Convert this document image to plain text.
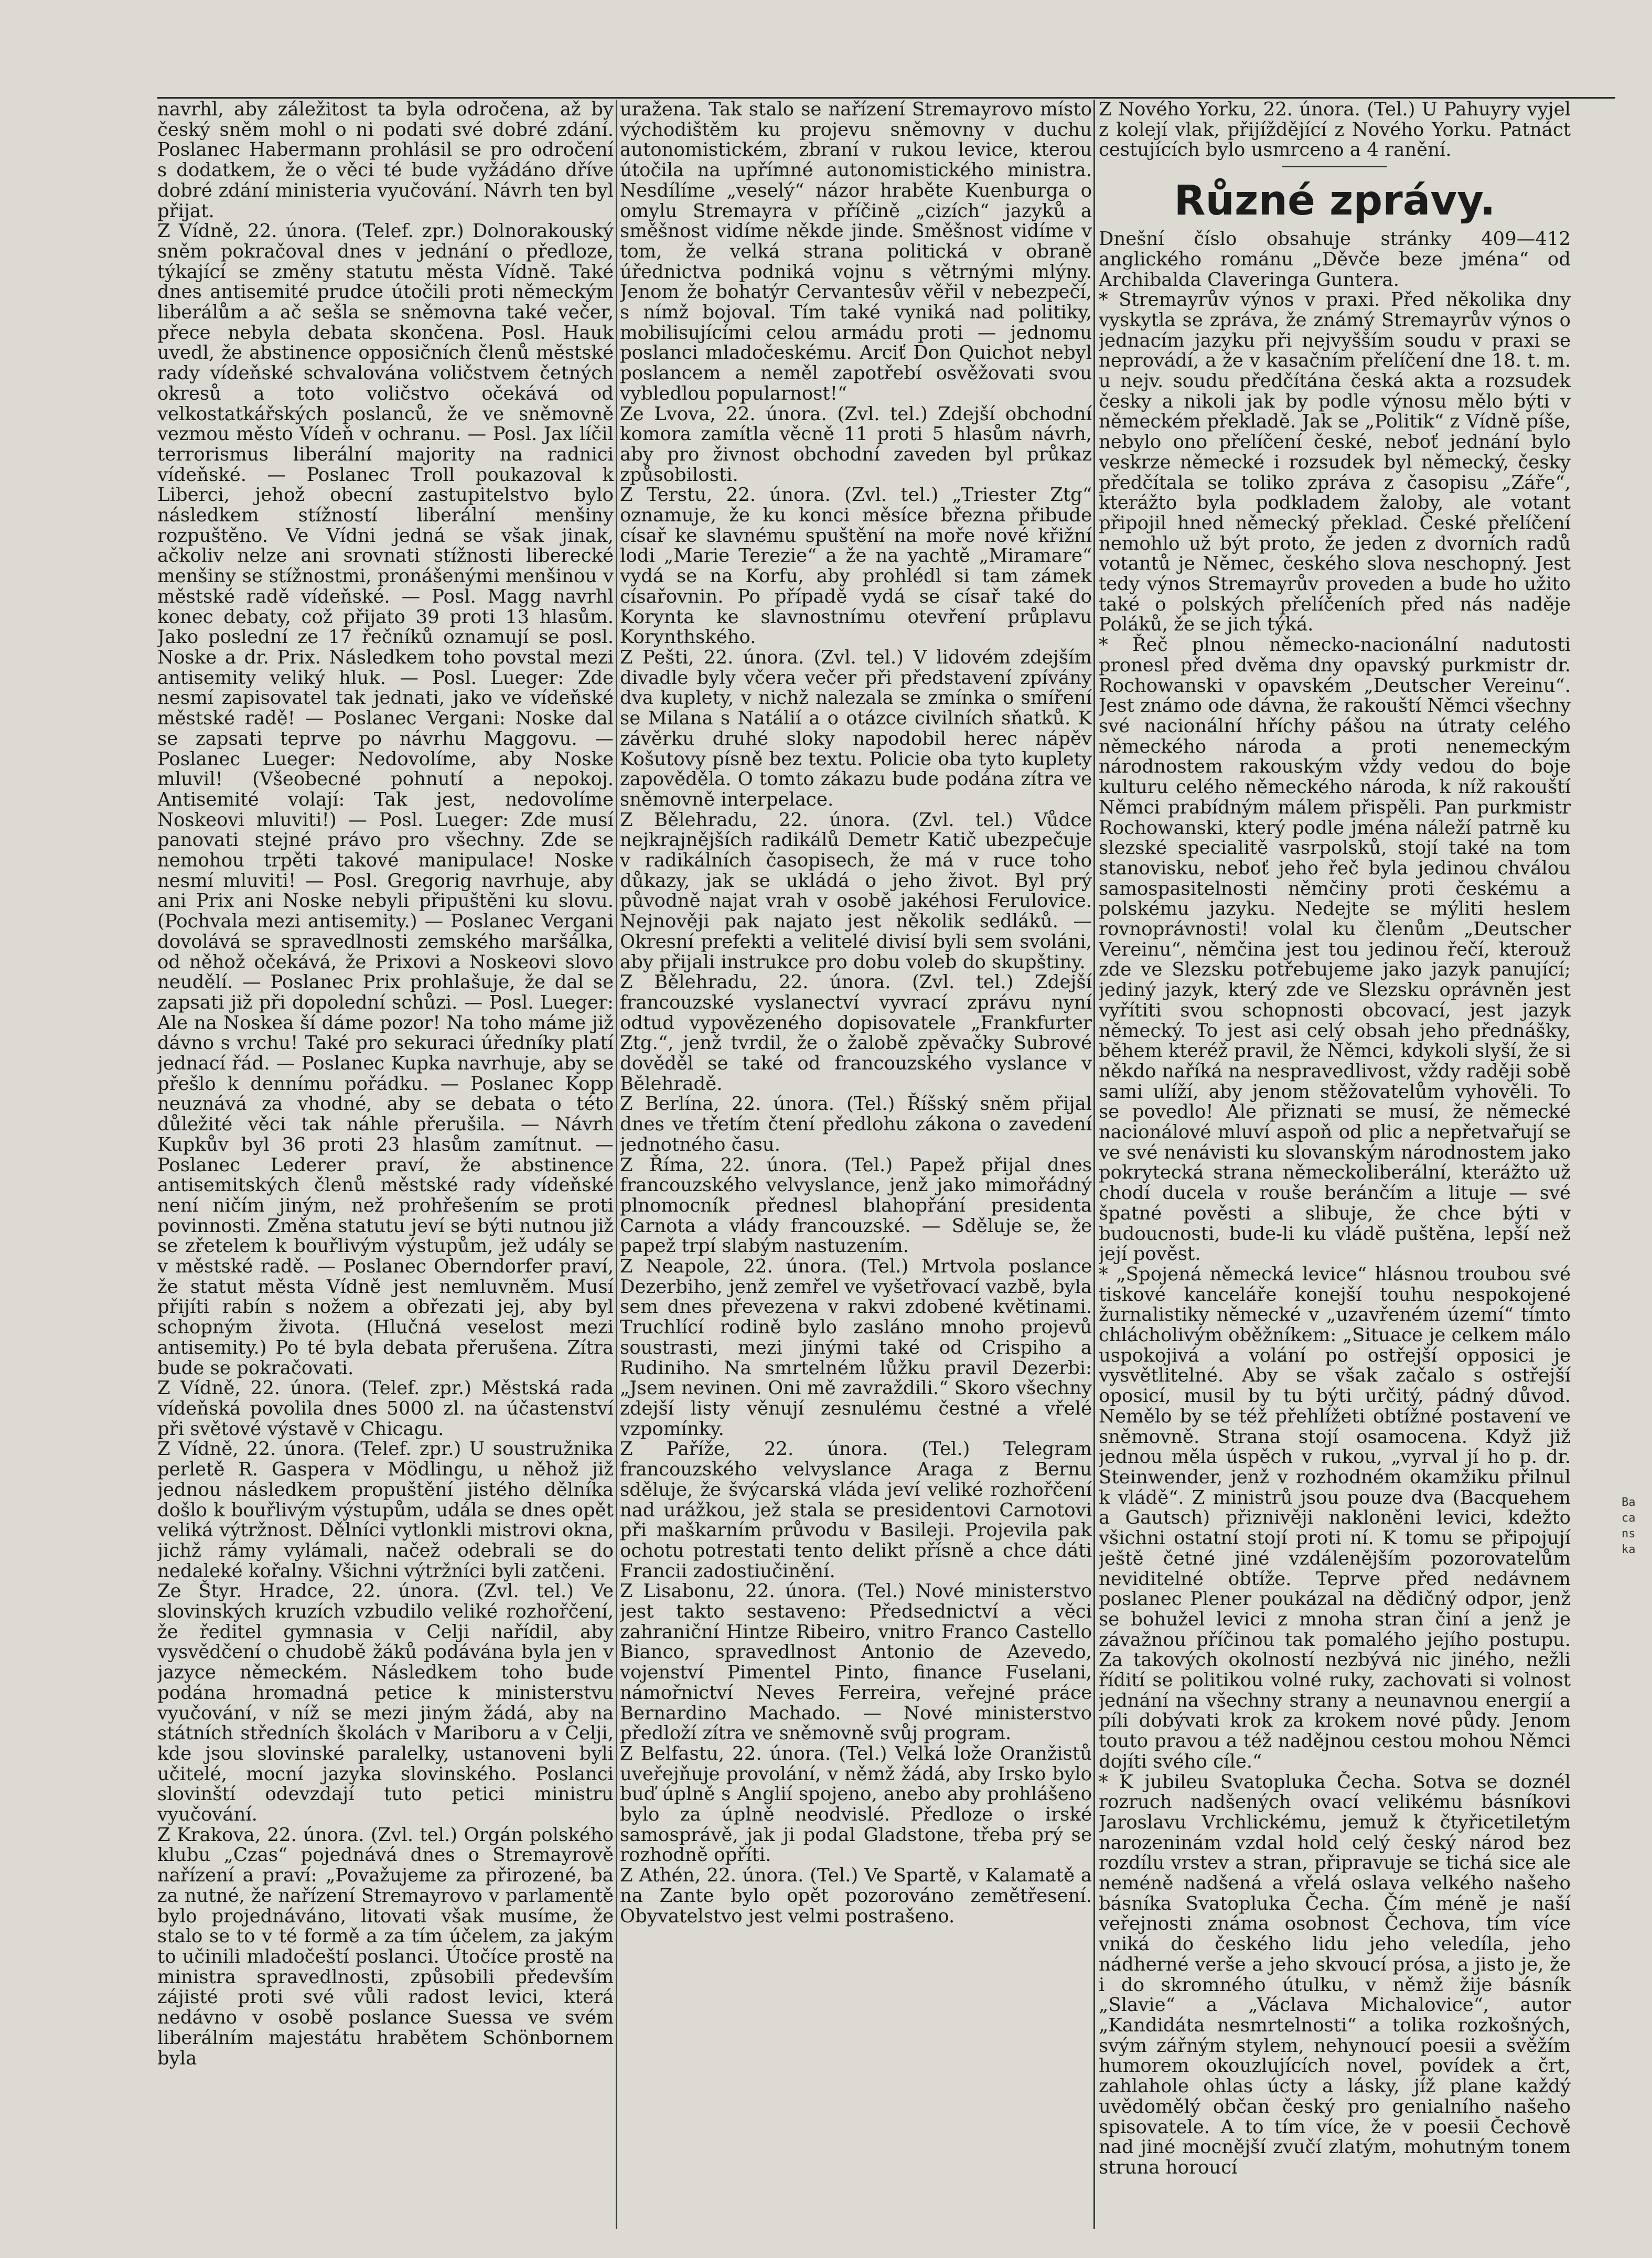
navrhl, aby záležitost ta byla odročena, až by český sněm mohl o ni podati své dobré zdání. Poslanec Habermann prohlásil se pro odročení s dodatkem, že o věci té bude vyžádáno dříve dobré zdání ministeria vyučování. Návrh ten byl přijat.

Z Vídně, 22. února. (Telef. zpr.) Dolnorakouský sněm pokračoval dnes v jednání o předloze, týkající se změny statutu města Vídně. Také dnes antisemité prudce útočili proti německým liberálům a ač sešla se sněmovna také večer, přece nebyla debata skončena. Posl. Hauk uvedl, že abstinence opposičních členů městské rady vídeňské schvalována voličstvem četných okresů a toto voličstvo očekává od velkostatkářských poslanců, že ve sněmovně vezmou město Vídeň v ochranu. — Posl. Jax líčil terrorismus liberální majority na radnici vídeňské. — Poslanec Troll poukazoval k Liberci, jehož obecní zastupitelstvo bylo následkem stížností liberální menšiny rozpuštěno. Ve Vídni jedná se však jinak, ačkoliv nelze ani srovnati stížnosti liberecké menšiny se stížnostmi, pronášenými menšinou v městské radě vídeňské. — Posl. Magg navrhl konec debaty, což přijato 39 proti 13 hlasům. Jako poslední ze 17 řečníků oznamují se posl. Noske a dr. Prix. Následkem toho povstal mezi antisemity veliký hluk. — Posl. Lueger: Zde nesmí zapisovatel tak jednati, jako ve vídeňské městské radě! — Poslanec Vergani: Noske dal se zapsati teprve po návrhu Maggovu. — Poslanec Lueger: Nedovolíme, aby Noske mluvil! (Všeobecné pohnutí a nepokoj. Antisemité volají: Tak jest, nedovolíme Noskeovi mluviti!) — Posl. Lueger: Zde musí panovati stejné právo pro všechny. Zde se nemohou trpěti takové manipulace! Noske nesmí mluviti! — Posl. Gregorig navrhuje, aby ani Prix ani Noske nebyli připuštěni ku slovu. (Pochvala mezi antisemity.) — Poslanec Vergani dovolává se spravedlnosti zemského maršálka, od něhož očekává, že Prixovi a Noskeovi slovo neudělí. — Poslanec Prix prohlašuje, že dal se zapsati již při dopolední schůzi. — Posl. Lueger: Ale na Noskea ší dáme pozor! Na toho máme již dávno s vrchu! Také pro sekuraci úředníky platí jednací řád. — Poslanec Kupka navrhuje, aby se přešlo k dennímu pořádku. — Poslanec Kopp neuznává za vhodné, aby se debata o této důležité věci tak náhle přerušila. — Návrh Kupkův byl 36 proti 23 hlasům zamítnut. — Poslanec Lederer praví, že abstinence antisemitských členů městské rady vídeňské není ničím jiným, než prohřešením se proti povinnosti. Změna statutu jeví se býti nutnou již se zřetelem k bouřlivým výstupům, jež udály se v městské radě. — Poslanec Oberndorfer praví, že statut města Vídně jest nemluvněm. Musí přijíti rabín s nožem a obřezati jej, aby byl schopným života. (Hlučná veselost mezi antisemity.) Po té byla debata přerušena. Zítra bude se pokračovati.

Z Vídně, 22. února. (Telef. zpr.) Městská rada vídeňská povolila dnes 5000 zl. na účastenství při světové výstavě v Chicagu.

Z Vídně, 22. února. (Telef. zpr.) U soustružnika perletě R. Gaspera v Mödlingu, u něhož již jednou následkem propuštění jistého dělníka došlo k bouřlivým výstupům, udála se dnes opět veliká výtržnost. Dělníci vytlonkli mistrovi okna, jichž rámy vylámali, načež odebrali se do nedaleké kořalny. Všichni výtržníci byli zatčeni.

Ze Štyr. Hradce, 22. února. (Zvl. tel.) Ve slovinských kruzích vzbudilo veliké rozhořčení, že ředitel gymnasia v Celji nařídil, aby vysvědčení o chudobě žáků podávána byla jen v jazyce německém. Následkem toho bude podána hromadná petice k ministerstvu vyučování, v níž se mezi jiným žádá, aby na státních středních školách v Mariboru a v Celji, kde jsou slovinské paralelky, ustanoveni byli učitelé, mocní jazyka slovinského. Poslanci slovinští odevzdají tuto petici ministru vyučování.

Z Krakova, 22. února. (Zvl. tel.) Orgán polského klubu „Czas“ pojednává dnes o Stremayrově nařízení a praví: „Považujeme za přirozené, ba za nutné, že nařízení Stremayrovo v parlamentě bylo projednáváno, litovati však musíme, že stalo se to v té formě a za tím účelem, za jakým to učinili mladočeští poslanci. Útočíce prostě na ministra spravedlnosti, způsobili především zájisté proti své vůli radost levici, která nedávno v osobě poslance Suessa ve svém liberálním majestátu hrabětem Schönbornem byla

uražena. Tak stalo se nařízení Stremayrovo místo východištěm ku projevu sněmovny v duchu autonomistickém, zbraní v rukou levice, kterou útočila na upřímné autonomistického ministra. Nesdílíme „veselý“ názor hraběte Kuenburga o omylu Stremayra v příčině „cizích“ jazyků a směšnost vidíme někde jinde. Směšnost vidíme v tom, že velká strana politická v obraně úřednictva podniká vojnu s větrnými mlýny. Jenom že bohatýr Cervantesův věřil v nebezpečí, s nímž bojoval. Tím také vyniká nad politiky, mobilisujícími celou armádu proti — jednomu poslanci mladočeskému. Arciť Don Quichot nebyl poslancem a neměl zapotřebí osvěžovati svou vybledlou popularnost!“

Ze Lvova, 22. února. (Zvl. tel.) Zdejší obchodní komora zamítla věcně 11 proti 5 hlasům návrh, aby pro živnost obchodní zaveden byl průkaz způsobilosti.

Z Terstu, 22. února. (Zvl. tel.) „Triester Ztg“ oznamuje, že ku konci měsíce března přibude císař ke slavnému spuštění na moře nové křižní lodi „Marie Terezie“ a že na yachtě „Miramare“ vydá se na Korfu, aby prohlédl si tam zámek císařovnin. Po případě vydá se císař také do Korynta ke slavnostnímu otevření průplavu Korynthského.

Z Pešti, 22. února. (Zvl. tel.) V lidovém zdejším divadle byly včera večer při představení zpívány dva kuplety, v nichž nalezala se zmínka o smíření se Milana s Natálií a o otázce civilních sňatků. K závěrku druhé sloky napodobil herec nápěv Košutovy písně bez textu. Policie oba tyto kuplety zapověděla. O tomto zákazu bude podána zítra ve sněmovně interpelace.

Z Bělehradu, 22. února. (Zvl. tel.) Vůdce nejkrajnějších radikálů Demetr Katič ubezpečuje v radikálních časopisech, že má v ruce toho důkazy, jak se ukládá o jeho život. Byl prý původně najat vrah v osobě jakéhosi Ferulovice. Nejnověji pak najato jest několik sedláků. — Okresní prefekti a velitelé divisí byli sem svoláni, aby přijali instrukce pro dobu voleb do skupštiny.

Z Bělehradu, 22. února. (Zvl. tel.) Zdejší francouzské vyslanectví vyvrací zprávu nyní odtud vypovězeného dopisovatele „Frankfurter Ztg.“, jenž tvrdil, že o žalobě zpěvačky Subrové dověděl se také od francouzského vyslance v Bělehradě.

Z Berlína, 22. února. (Tel.) Říšský sněm přijal dnes ve třetím čtení předlohu zákona o zavedení jednotného času.

Z Říma, 22. února. (Tel.) Papež přijal dnes francouzského velvyslance, jenž jako mimořádný plnomocník přednesl blahopřání presidenta Carnota a vlády francouzské. — Sděluje se, že papež trpí slabým nastuzením.

Z Neapole, 22. února. (Tel.) Mrtvola poslance Dezerbiho, jenž zemřel ve vyšetřovací vazbě, byla sem dnes převezena v rakvi zdobené květinami. Truchlící rodině bylo zasláno mnoho projevů soustrasti, mezi jinými také od Crispiho a Rudiniho. Na smrtelném lůžku pravil Dezerbi: „Jsem nevinen. Oni mě zavraždili.“ Skoro všechny zdejší listy věnují zesnulému čestné a vřelé vzpomínky.

Z Paříže, 22. února. (Tel.) Telegram francouzského velvyslance Araga z Bernu sděluje, že švýcarská vláda jeví veliké rozhořčení nad urážkou, jež stala se presidentovi Carnotovi při maškarním průvodu v Basileji. Projevila pak ochotu potrestati tento delikt přísně a chce dáti Francii zadostiučinění.

Z Lisabonu, 22. února. (Tel.) Nové ministerstvo jest takto sestaveno: Předsednictví a věci zahraniční Hintze Ribeiro, vnitro Franco Castello Bianco, spravedlnost Antonio de Azevedo, vojenství Pimentel Pinto, finance Fuselani, námořnictví Neves Ferreira, veřejné práce Bernardino Machado. — Nové ministerstvo předloží zítra ve sněmovně svůj program.

Z Belfastu, 22. února. (Tel.) Velká lože Oranžistů uveřejňuje provolání, v němž žádá, aby Irsko bylo buď úplně s Anglií spojeno, anebo aby prohlášeno bylo za úplně neodvislé. Předloze o irské samosprávě, jak ji podal Gladstone, třeba prý se rozhodně opříti.

Z Athén, 22. února. (Tel.) Ve Spartě, v Kalamatě a na Zante bylo opět pozorováno zemětřesení. Obyvatelstvo jest velmi postrašeno.

Z Nového Yorku, 22. února. (Tel.) U Pahuyry vyjel z kolejí vlak, přijíždějící z Nového Yorku. Patnáct cestujících bylo usmrceno a 4 ranění.

Různé zprávy.

Dnešní číslo obsahuje stránky 409—412 anglického románu „Děvče beze jména“ od Archibalda Claveringa Guntera.

* Stremayrův výnos v praxi. Před několika dny vyskytla se zpráva, že známý Stremayrův výnos o jednacím jazyku při nejvyšším soudu v praxi se neprovádí, a že v kasačním přelíčení dne 18. t. m. u nejv. soudu předčítána česká akta a rozsudek česky a nikoli jak by podle výnosu mělo býti v německém překladě. Jak se „Politik“ z Vídně píše, nebylo ono přelíčení české, neboť jednání bylo veskrze německé i rozsudek byl německý, česky předčítala se toliko zpráva z časopisu „Záře“, kterážto byla podkladem žaloby, ale votant připojil hned německý překlad. České přelíčení nemohlo už být proto, že jeden z dvorních radů votantů je Němec, českého slova neschopný. Jest tedy výnos Stremayrův proveden a bude ho užito také o polských přelíčeních před nás naděje Poláků, že se jich týká.

* Řeč plnou německo-nacionální nadutosti pronesl před dvěma dny opavský purkmistr dr. Rochowanski v opavském „Deutscher Vereinu“. Jest známo ode dávna, že rakouští Němci všechny své nacionální hříchy pášou na útraty celého německého národa a proti nenemeckým národnostem rakouským vždy vedou do boje kulturu celého německého národa, k níž rakouští Němci prabídným málem přispěli. Pan purkmistr Rochowanski, který podle jména náleží patrně ku slezské specialitě vasrpolsků, stojí také na tom stanovisku, neboť jeho řeč byla jedinou chválou samospasitelnosti němčiny proti českému a polskému jazyku. Nedejte se mýliti heslem rovnoprávnosti! volal ku členům „Deutscher Vereinu“, němčina jest tou jedinou řečí, kterouž zde ve Slezsku potřebujeme jako jazyk panující; jediný jazyk, který zde ve Slezsku oprávněn jest vyřítiti svou schopnosti obcovací, jest jazyk německý. To jest asi celý obsah jeho přednášky, během kteréž pravil, že Němci, kdykoli slyší, že si někdo naříká na nespravedlivost, vždy raději sobě sami ulíží, aby jenom stěžovatelům vyhověli. To se povedlo! Ale přiznati se musí, že německé nacionálové mluví aspoň od plic a nepřetvařují se ve své nenávisti ku slovanským národnostem jako pokrytecká strana německoliberální, kterážto už chodí ducela v rouše beránčím a lituje — své špatné pověsti a slibuje, že chce býti v budoucnosti, bude-li ku vládě puštěna, lepší než její pověst.

* „Spojená německá levice“ hlásnou troubou své tiskové kanceláře konejší touhu nespokojené žurnalistiky německé v „uzavřeném území“ tímto chlácholivým oběžníkem: „Situace je celkem málo uspokojivá a volání po ostřejší opposici je vysvětlitelné. Aby se však začalo s ostřejší oposicí, musil by tu býti určitý, pádný důvod. Nemělo by se též přehlížeti obtížné postavení ve sněmovně. Strana stojí osamocena. Když již jednou měla úspěch v rukou, „vyrval jí ho p. dr. Steinwender, jenž v rozhodném okamžiku přilnul k vládě“. Z ministrů jsou pouze dva (Bacquehem a Gautsch) přiznivěji nakloněni levici, kdežto všichni ostatní stojí proti ní. K tomu se připojují ještě četné jiné vzdálenějším pozorovatelům neviditelné obtíže. Teprve před nedávnem poslanec Plener poukázal na dědičný odpor, jenž se bohužel levici z mnoha stran činí a jenž je závažnou příčinou tak pomalého jejího postupu. Za takových okolností nezbývá nic jiného, nežli řídití se politikou volné ruky, zachovati si volnost jednání na všechny strany a neunavnou energií a píli dobývati krok za krokem nové půdy. Jenom touto pravou a též nadějnou cestou mohou Němci dojíti svého cíle.“

* K jubileu Svatopluka Čecha. Sotva se doznél rozruch nadšených ovací velikému básníkovi Jaroslavu Vrchlickému, jemuž k čtyřicetiletým narozeninám vzdal hold celý český národ bez rozdílu vrstev a stran, připravuje se tichá sice ale neméně nadšená a vřelá oslava velkého našeho básníka Svatopluka Čecha. Čím méně je naší veřejnosti známa osobnost Čechova, tím více vniká do českého lidu jeho veledíla, jeho nádherné verše a jeho skvoucí prósa, a jisto je, že i do skromného útulku, v němž žije básník „Slavie“ a „Václava Michalovice“, autor „Kandidáta nesmrtelnosti“ a tolika rozkošných, svým zářným stylem, nehynoucí poesii a svěžím humorem okouzlujících novel, povídek a črt, zahlahole ohlas úcty a lásky, jíž plane každý uvědomělý občan český pro genialního našeho spisovatele. A to tím více, že v poesii Čechově nad jiné mocnější zvučí zlatým, mohutným tonem struna horoucí

Bacanska
